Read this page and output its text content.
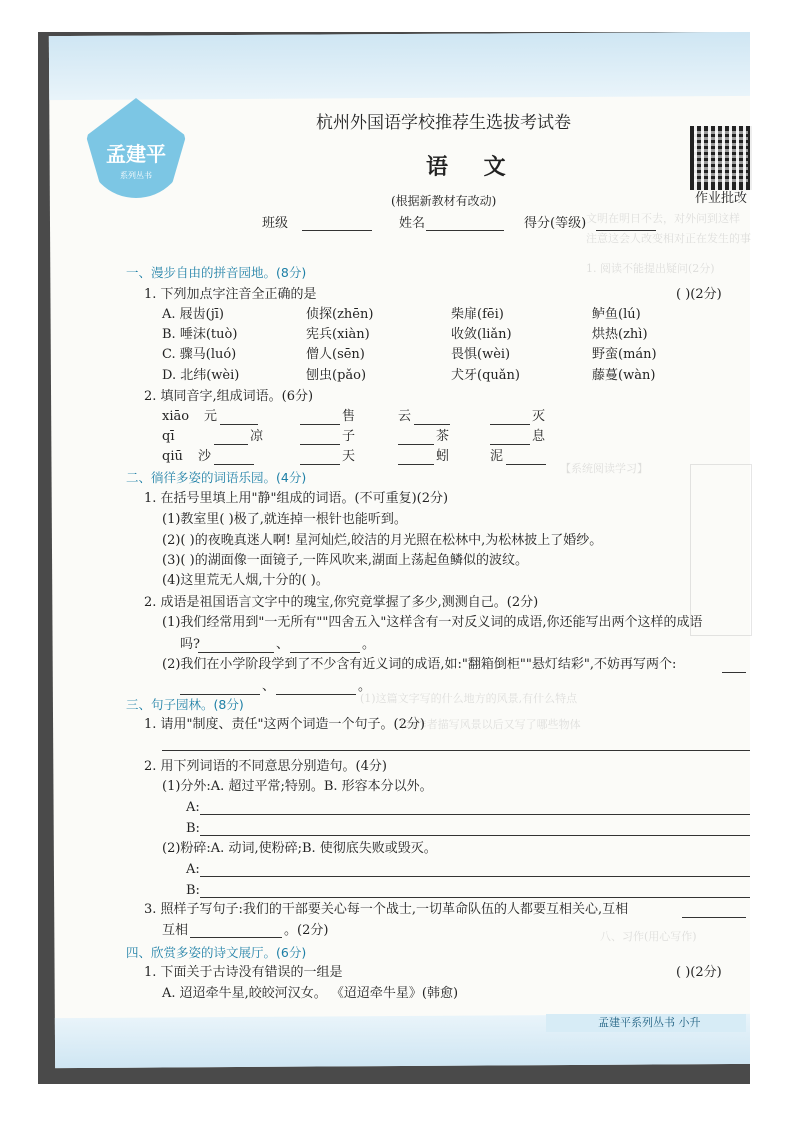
孟建平
系列丛书
作业批改
文明在明日不去，对外问到这样
注意这会人改变相对正在发生的事
1. 阅读不能提出疑问(2分)
【系统阅读学习】
(1)这篇文字写的什么地方的风景,有什么特点
(2)作者描写风景以后又写了哪些物体
八、习作(用心写作)
杭州外国语学校推荐生选拔考试卷
语 文
(根据新教材有改动)
班级	姓名	得分(等级)
一、漫步自由的拼音园地。(8分)
1. 下列加点字注音全正确的是	( )(2分)
A. 屐齿(jī)	侦探(zhēn)	柴扉(fēi)	鲈鱼(lú)
B. 唾沫(tuò)	宪兵(xiàn)	收敛(liǎn)	烘热(zhì)
C. 骤马(luó)	僧人(sēn)	畏惧(wèi)	野蛮(mán)
D. 北纬(wèi)	刨虫(pǎo)	犬牙(quǎn)	藤蔓(wàn)
2. 填同音字,组成词语。(6分)
xiāo 元	售	云	灭
qī	凉	子	茶	息
qiū 沙	天	蚓	泥
二、徜徉多姿的词语乐园。(4分)
1. 在括号里填上用"静"组成的词语。(不可重复)(2分)
(1)教室里( )极了,就连掉一根针也能听到。
(2)( )的夜晚真迷人啊! 星河灿烂,皎洁的月光照在松林中,为松林披上了婚纱。
(3)( )的湖面像一面镜子,一阵风吹来,湖面上荡起鱼鳞似的波纹。
(4)这里荒无人烟,十分的( )。
2. 成语是祖国语言文字中的瑰宝,你究竟掌握了多少,测测自己。(2分)
(1)我们经常用到"一无所有""四舍五入"这样含有一对反义词的成语,你还能写出两个这样的成语
吗?	、	。
(2)我们在小学阶段学到了不少含有近义词的成语,如:"翻箱倒柜""悬灯结彩",不妨再写两个:
、	。
三、句子园林。(8分)
1. 请用"制度、责任"这两个词造一个句子。(2分)
2. 用下列词语的不同意思分别造句。(4分)
(1)分外:A. 超过平常;特别。B. 形容本分以外。
A:
B:
(2)粉碎:A. 动词,使粉碎;B. 使彻底失败或毁灭。
A:
B:
3. 照样子写句子:我们的干部要关心每一个战士,一切革命队伍的人都要互相关心,互相
互相	。(2分)
四、欣赏多姿的诗文展厅。(6分)
1. 下面关于古诗没有错误的一组是	( )(2分)
A. 迢迢牵牛星,皎皎河汉女。 《迢迢牵牛星》(韩愈)
孟建平系列丛书 小升
